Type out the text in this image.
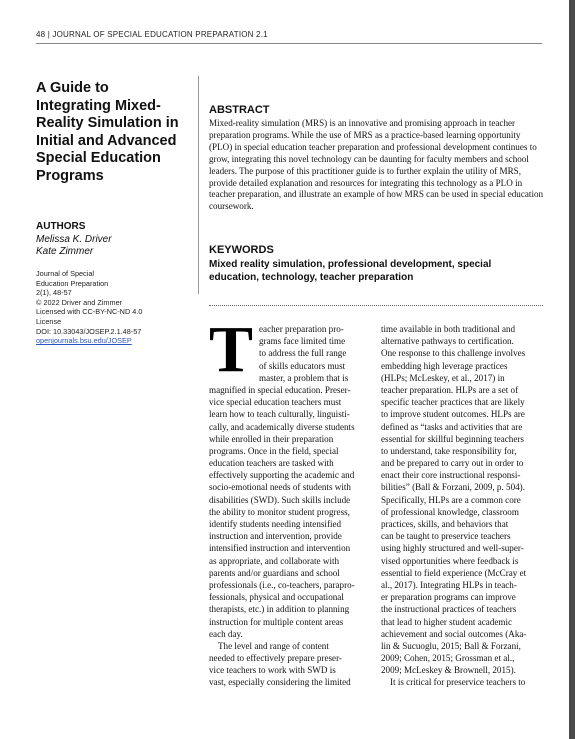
48 | JOURNAL OF SPECIAL EDUCATION PREPARATION 2.1
A Guide to
Integrating Mixed-
Reality Simulation in
Initial and Advanced
Special Education
Programs
AUTHORS
Melissa K. Driver
Kate Zimmer
Journal of Special
Education Preparation
2(1), 48-57
© 2022 Driver and Zimmer
Licensed with CC-BY-NC-ND 4.0
License
DOI: 10.33043/JOSEP.2.1.48-57
openjournals.bsu.edu/JOSEP
ABSTRACT
Mixed-reality simulation (MRS) is an innovative and promising approach in teacher preparation programs. While the use of MRS as a practice-based learning opportunity (PLO) in special education teacher preparation and professional development continues to grow, integrating this novel technology can be daunting for faculty members and school leaders. The purpose of this practitioner guide is to further explain the utility of MRS, provide detailed explanation and resources for integrating this technology as a PLO in teacher preparation, and illustrate an example of how MRS can be used in special education coursework.
KEYWORDS
Mixed reality simulation, professional development, special education, technology, teacher preparation
T eacher preparation pro-
grams face limited time
to address the full range
of skills educators must
master, a problem that is
magnified in special education. Preser-
vice special education teachers must
learn how to teach culturally, linguisti-
cally, and academically diverse students
while enrolled in their preparation
programs. Once in the field, special
education teachers are tasked with
effectively supporting the academic and
socio-emotional needs of students with
disabilities (SWD). Such skills include
the ability to monitor student progress,
identify students needing intensified
instruction and intervention, provide
intensified instruction and intervention
as appropriate, and collaborate with
parents and/or guardians and school
professionals (i.e., co-teachers, parapro-
fessionals, physical and occupational
therapists, etc.) in addition to planning
instruction for multiple content areas
each day.
The level and range of content
needed to effectively prepare preser-
vice teachers to work with SWD is
vast, especially considering the limited
time available in both traditional and
alternative pathways to certification.
One response to this challenge involves
embedding high leverage practices
(HLPs; McLeskey, et al., 2017) in
teacher preparation. HLPs are a set of
specific teacher practices that are likely
to improve student outcomes. HLPs are
defined as “tasks and activities that are
essential for skillful beginning teachers
to understand, take responsibility for,
and be prepared to carry out in order to
enact their core instructional responsi-
bilities” (Ball & Forzani, 2009, p. 504).
Specifically, HLPs are a common core
of professional knowledge, classroom
practices, skills, and behaviors that
can be taught to preservice teachers
using highly structured and well-super-
vised opportunities where feedback is
essential to field experience (McCray et
al., 2017). Integrating HLPs in teach-
er preparation programs can improve
the instructional practices of teachers
that lead to higher student academic
achievement and social outcomes (Aka-
lin & Sucuoglu, 2015; Ball & Forzani,
2009; Cohen, 2015; Grossman et al.,
2009; McLeskey & Brownell, 2015).
It is critical for preservice teachers to
